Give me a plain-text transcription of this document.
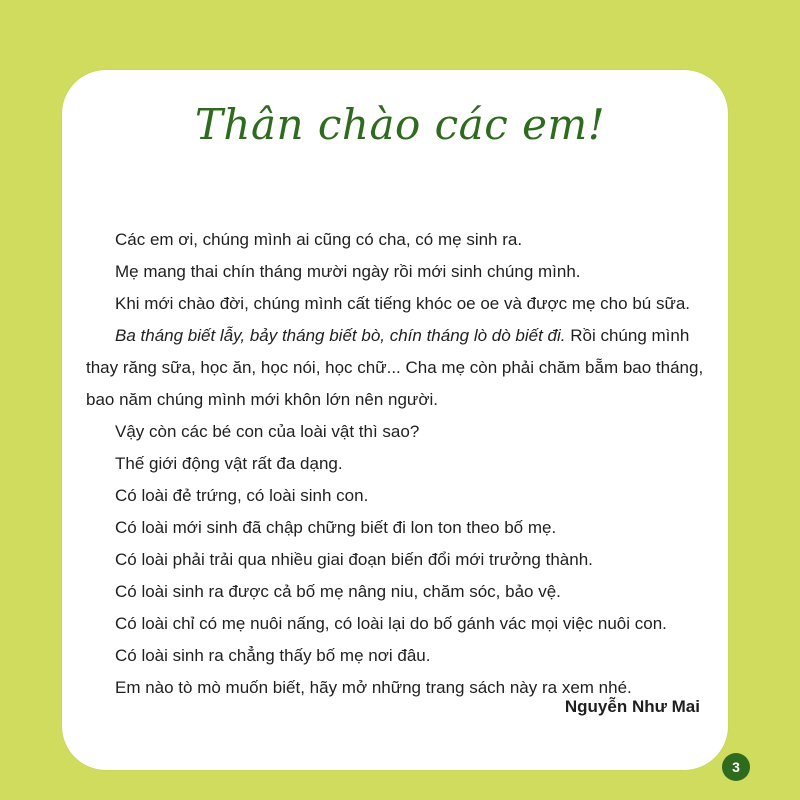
Thân chào các em!
Các em ơi, chúng mình ai cũng có cha, có mẹ sinh ra.
Mẹ mang thai chín tháng mười ngày rồi mới sinh chúng mình.
Khi mới chào đời, chúng mình cất tiếng khóc oe oe và được mẹ cho bú sữa.
Ba tháng biết lẫy, bảy tháng biết bò, chín tháng lò dò biết đi. Rồi chúng mình
thay răng sữa, học ăn, học nói, học chữ... Cha mẹ còn phải chăm bẵm bao tháng,
bao năm chúng mình mới khôn lớn nên người.
Vậy còn các bé con của loài vật thì sao?
Thế giới động vật rất đa dạng.
Có loài đẻ trứng, có loài sinh con.
Có loài mới sinh đã chập chững biết đi lon ton theo bố mẹ.
Có loài phải trải qua nhiều giai đoạn biến đổi mới trưởng thành.
Có loài sinh ra được cả bố mẹ nâng niu, chăm sóc, bảo vệ.
Có loài chỉ có mẹ nuôi nấng, có loài lại do bố gánh vác mọi việc nuôi con.
Có loài sinh ra chẳng thấy bố mẹ nơi đâu.
Em nào tò mò muốn biết, hãy mở những trang sách này ra xem nhé.

Nguyễn Như Mai

3
